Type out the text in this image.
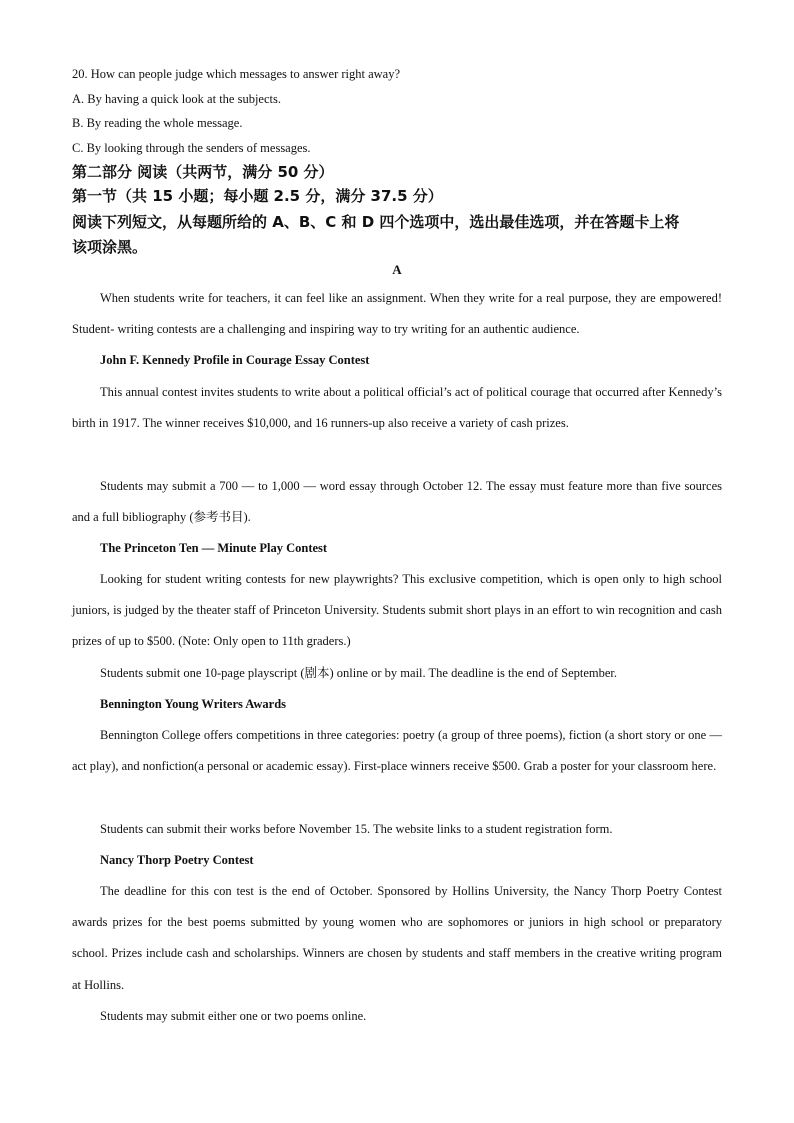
20. How can people judge which messages to answer right away?
A. By having a quick look at the subjects.
B. By reading the whole message.
C. By looking through the senders of messages.
第二部分 阅读（共两节，满分 50 分）
第一节（共 15 小题；每小题 2.5 分，满分 37.5 分）
阅读下列短文，从每题所给的 A、B、C 和 D 四个选项中，选出最佳选项，并在答题卡上将
该项涂黑。
A
When students write for teachers, it can feel like an assignment. When they write for a real purpose, they are empowered! Student- writing contests are a challenging and inspiring way to try writing for an authentic audience.
John F. Kennedy Profile in Courage Essay Contest
This annual contest invites students to write about a political official’s act of political courage that occurred after Kennedy’s birth in 1917. The winner receives $10,000, and 16 runners-up also receive a variety of cash prizes.
Students may submit a 700 — to 1,000 — word essay through October 12. The essay must feature more than five sources and a full bibliography (参考书目).
The Princeton Ten — Minute Play Contest
Looking for student writing contests for new playwrights? This exclusive competition, which is open only to high school juniors, is judged by the theater staff of Princeton University. Students submit short plays in an effort to win recognition and cash prizes of up to $500. (Note: Only open to 11th graders.)
Students submit one 10-page playscript (剧本) online or by mail. The deadline is the end of September.
Bennington Young Writers Awards
Bennington College offers competitions in three categories: poetry (a group of three poems), fiction (a short story or one — act play), and nonfiction(a personal or academic essay). First-place winners receive $500. Grab a poster for your classroom here.
Students can submit their works before November 15. The website links to a student registration form.
Nancy Thorp Poetry Contest
The deadline for this con test is the end of October. Sponsored by Hollins University, the Nancy Thorp Poetry Contest awards prizes for the best poems submitted by young women who are sophomores or juniors in high school or preparatory school. Prizes include cash and scholarships. Winners are chosen by students and staff members in the creative writing program at Hollins.
Students may submit either one or two poems online.
